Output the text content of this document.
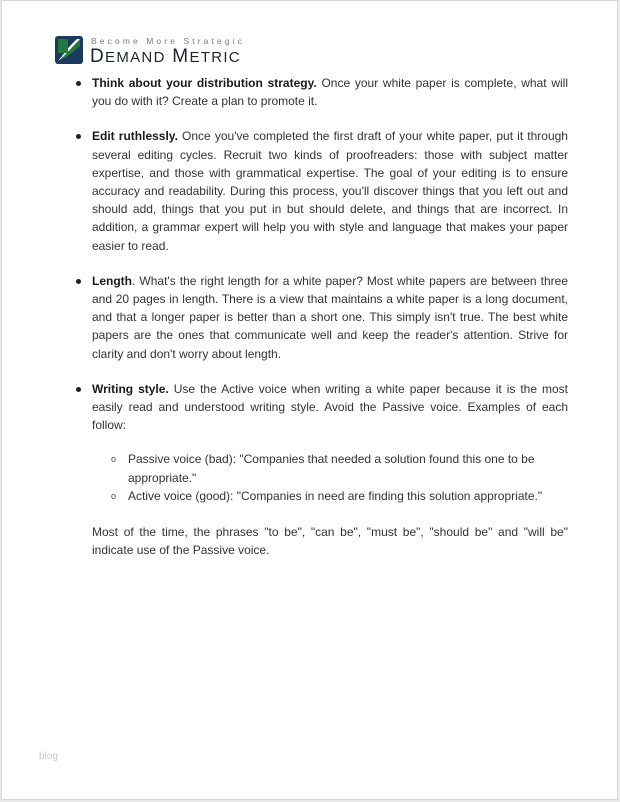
Become More Strategic
DEMAND METRIC
Think about your distribution strategy. Once your white paper is complete, what will you do with it? Create a plan to promote it.
Edit ruthlessly. Once you've completed the first draft of your white paper, put it through several editing cycles. Recruit two kinds of proofreaders: those with subject matter expertise, and those with grammatical expertise. The goal of your editing is to ensure accuracy and readability. During this process, you'll discover things that you left out and should add, things that you put in but should delete, and things that are incorrect. In addition, a grammar expert will help you with style and language that makes your paper easier to read.
Length. What's the right length for a white paper? Most white papers are between three and 20 pages in length. There is a view that maintains a white paper is a long document, and that a longer paper is better than a short one. This simply isn't true. The best white papers are the ones that communicate well and keep the reader's attention. Strive for clarity and don't worry about length.
Writing style. Use the Active voice when writing a white paper because it is the most easily read and understood writing style. Avoid the Passive voice. Examples of each follow:
o Passive voice (bad): "Companies that needed a solution found this one to be appropriate."
o Active voice (good): "Companies in need are finding this solution appropriate."
Most of the time, the phrases "to be", "can be", "must be", "should be" and "will be" indicate use of the Passive voice.
blog
